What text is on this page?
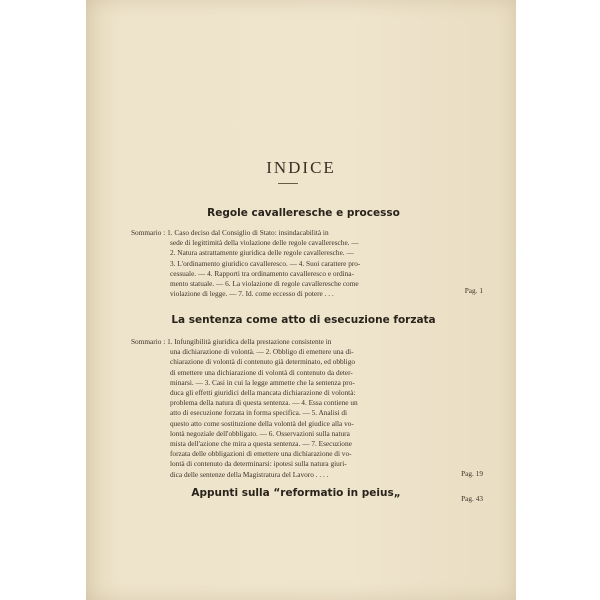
INDICE
Regole cavalleresche e processo
Sommario : 1. Caso deciso dal Consiglio di Stato: insindacabilità in
sede di legittimità della violazione delle regole cavalleresche. —
2. Natura astrattamente giuridica delle regole cavalleresche. —
3. L'ordinamento giuridico cavalleresco. — 4. Suoi carattere pro-
cessuale. — 4. Rapporti tra ordinamento cavalleresco e ordina-
mento statuale. — 6. La violazione di regole cavalleresche come
violazione di legge. — 7. Id. come eccesso di potere . . .	Pag. 1
La sentenza come atto di esecuzione forzata
Sommario : 1. Infungibilità giuridica della prestazione consistente in
una dichiarazione di volontà. — 2. Obbligo di emettere una di-
chiarazione di volontà di contenuto già determinato, ed obbligo
di emettere una dichiarazione di volontà di contenuto da deter-
minarsi. — 3. Casi in cui la legge ammette che la sentenza pro-
duca gli effetti giuridici della mancata dichiarazione di volontà:
problema della natura di questa sentenza. — 4. Essa contiene un
atto di esecuzione forzata in forma specifica. — 5. Analisi di
questo atto come sostituzione della volontà del giudice alla vo-
lontà negoziale dell'obbligato. — 6. Osservazioni sulla natura
mista dell'azione che mira a questa sentenza. — 7. Esecuzione
forzata delle obbligazioni di emettere una dichiarazione di vo-
lontà di contenuto da determinarsi: ipotesi sulla natura giuri-
dica delle sentenze della Magistratura del Lavoro . . . .	Pag. 19
Appunti sulla “reformatio in peius„	Pag. 43
